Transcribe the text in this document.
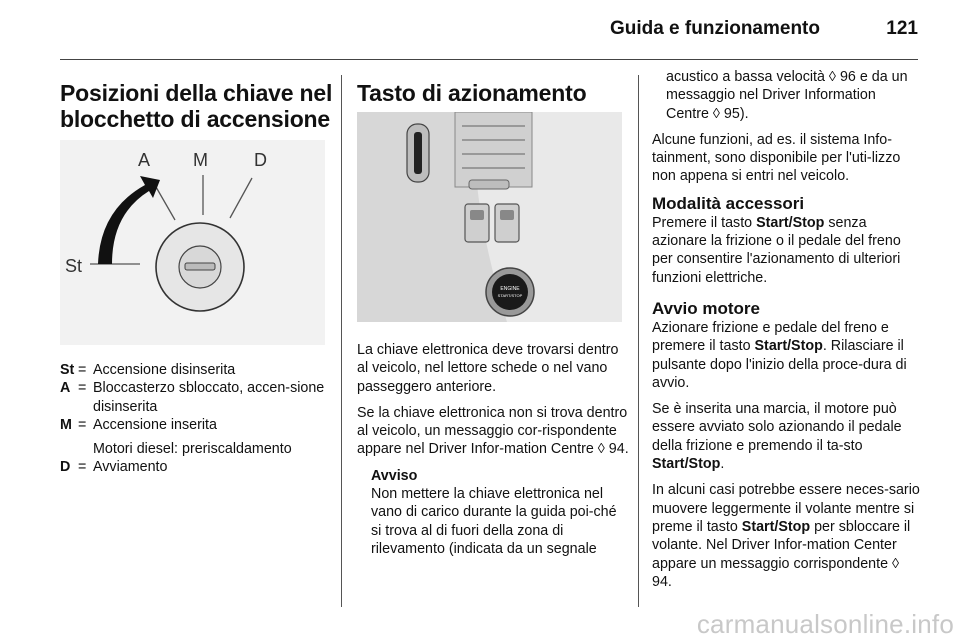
Guida e funzionamento	121
Posizioni della chiave nel
blocchetto di accensione
A M	D
St
St = Accensione disinserita
A = Bloccasterzo sbloccato, accen-sione disinserita
M = Accensione inserita
Motori diesel: preriscaldamento
D = Avviamento
Tasto di azionamento
ENGINE
START/STOP

La chiave elettronica deve trovarsi dentro al veicolo, nel lettore schede o nel vano passeggero anteriore.

Se la chiave elettronica non si trova dentro al veicolo, un messaggio cor-rispondente appare nel Driver Infor-mation Centre ◊ 94.

Avviso
Non mettere la chiave elettronica nel vano di carico durante la guida poi-ché si trova al di fuori della zona di rilevamento (indicata da un segnale

acustico a bassa velocità ◊ 96 e da un messaggio nel Driver Information Centre ◊ 95).

Alcune funzioni, ad es. il sistema Info-tainment, sono disponibile per l'uti-lizzo non appena si entri nel veicolo.

Modalità accessori

Premere il tasto Start/Stop senza azionare la frizione o il pedale del freno per consentire l'azionamento di ulteriori funzioni elettriche.

Avvio motore

Azionare frizione e pedale del freno e premere il tasto Start/Stop. Rilasciare il pulsante dopo l'inizio della proce-dura di avvio.

Se è inserita una marcia, il motore può essere avviato solo azionando il pedale della frizione e premendo il ta-sto Start/Stop.

In alcuni casi potrebbe essere neces-sario muovere leggermente il volante mentre si preme il tasto Start/Stop per sbloccare il volante. Nel Driver Infor-mation Center appare un messaggio corrispondente ◊ 94.

carmanualsonline.info
